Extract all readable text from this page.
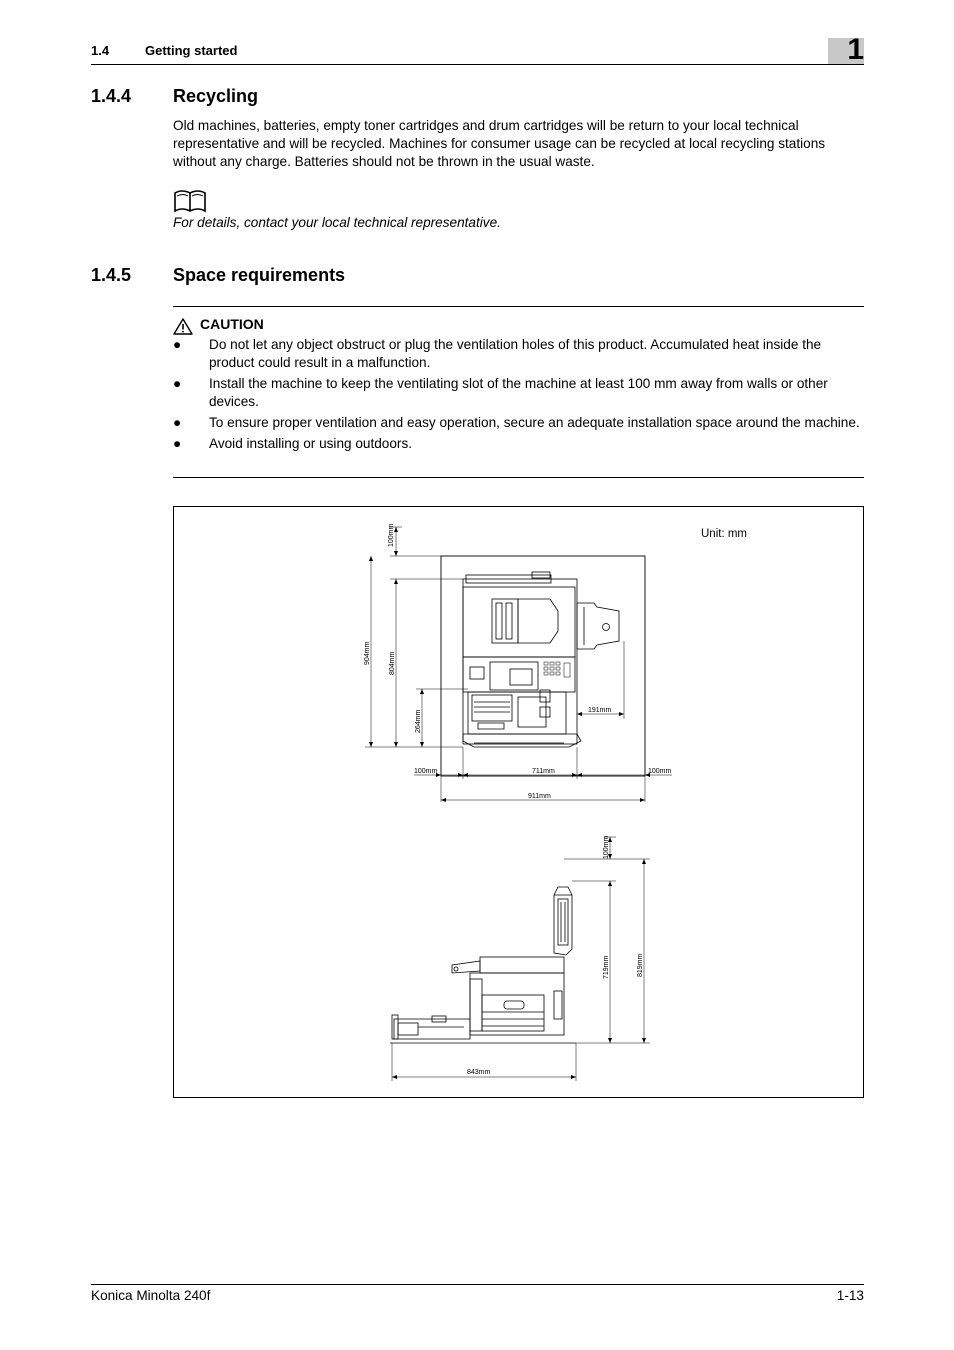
1.4	Getting started	1
1.4.4 Recycling
Old machines, batteries, empty toner cartridges and drum cartridges will be return to your local technical representative and will be recycled. Machines for consumer usage can be recycled at local recycling stations without any charge. Batteries should not be thrown in the usual waste.
For details, contact your local technical representative.
1.4.5 Space requirements
CAUTION
● Do not let any object obstruct or plug the ventilation holes of this product. Accumulated heat inside the product could result in a malfunction.
● Install the machine to keep the ventilating slot of the machine at least 100 mm away from walls or other devices.
● To ensure proper ventilation and easy operation, secure an adequate installation space around the machine.
● Avoid installing or using outdoors.
Unit: mm
100mm
904mm	804mm
264mm	191mm
100mm	711mm	100mm
911mm
100mm
719mm	819mm
843mm
Konica Minolta 240f	1-13
